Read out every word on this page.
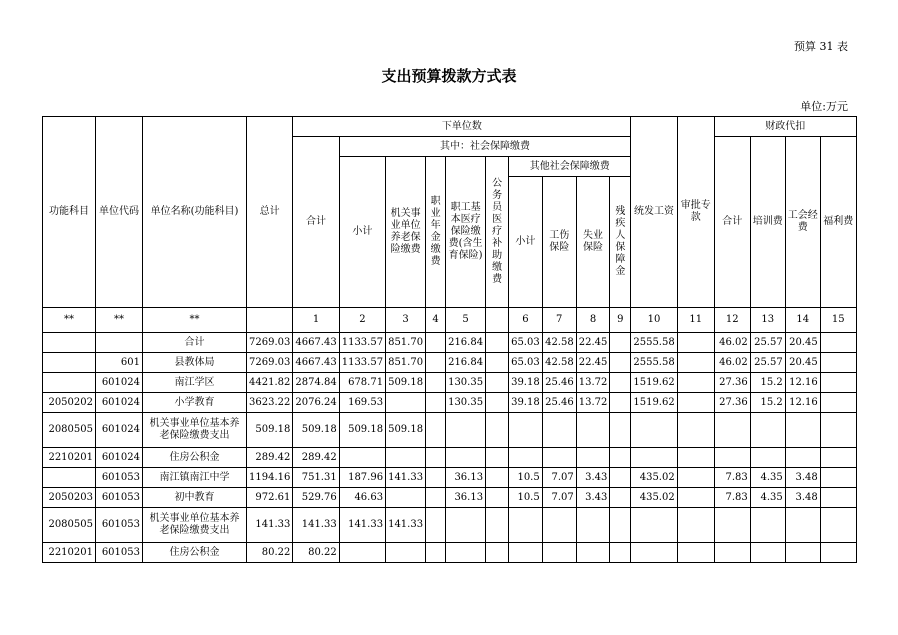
预算 31 表
支出预算拨款方式表
单位:万元
功能科目	单位代码	单位名称(功能科目)	总计	下单位数										统发工资	审批专款	财政代扣			
				合计	其中：社会保障缴费											合计	培训费	工会经费	福利费
					小计	机关事业单位养老保险缴费	职业年金缴费	职工基本医疗保险缴费(含生育保险)	公务员医疗补助缴费	其他社会保障缴费									
										小计	工伤保险	失业保险	残疾人保障金						
**	**	**		1	2	3	4	5		6	7	8	9	10	11	12	13	14	15
		合计	7269.03	4667.43	1133.57	851.70		216.84		65.03	42.58	22.45		2555.58		46.02	25.57	20.45	
	601	县教体局	7269.03	4667.43	1133.57	851.70		216.84		65.03	42.58	22.45		2555.58		46.02	25.57	20.45	
	601024	南江学区	4421.82	2874.84	678.71	509.18		130.35		39.18	25.46	13.72		1519.62		27.36	15.2	12.16	
2050202	601024	小学教育	3623.22	2076.24	169.53			130.35		39.18	25.46	13.72		1519.62		27.36	15.2	12.16	
2080505	601024	机关事业单位基本养老保险缴费支出	509.18	509.18	509.18	509.18													
2210201	601024	住房公积金	289.42	289.42															
	601053	南江镇南江中学	1194.16	751.31	187.96	141.33		36.13		10.5	7.07	3.43		435.02		7.83	4.35	3.48	
2050203	601053	初中教育	972.61	529.76	46.63			36.13		10.5	7.07	3.43		435.02		7.83	4.35	3.48	
2080505	601053	机关事业单位基本养老保险缴费支出	141.33	141.33	141.33	141.33													
2210201	601053	住房公积金	80.22	80.22															
